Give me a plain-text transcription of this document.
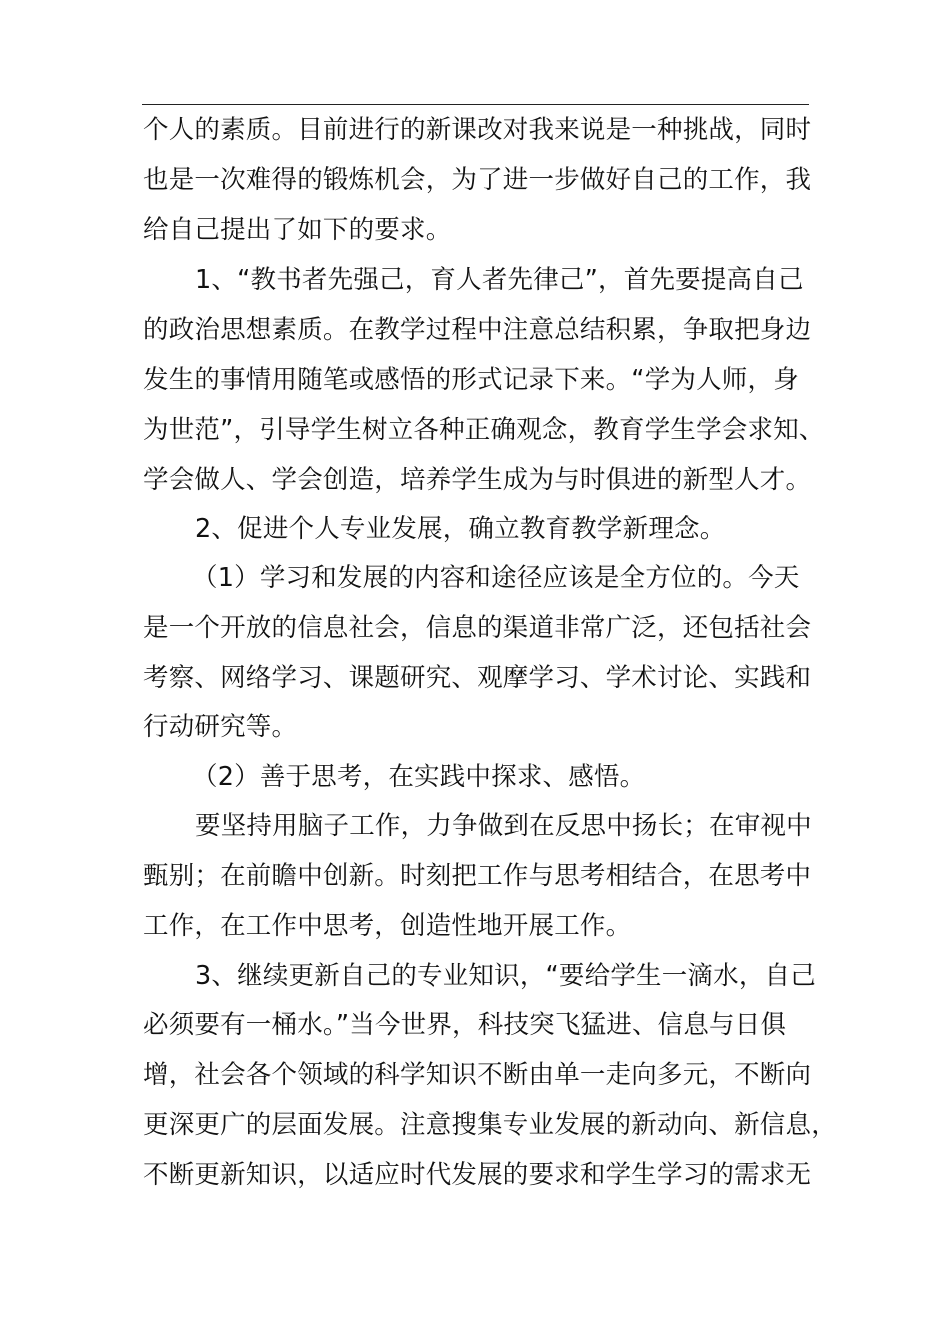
个人的素质。目前进行的新课改对我来说是一种挑战，同时
也是一次难得的锻炼机会，为了进一步做好自己的工作，我
给自己提出了如下的要求。
1、“教书者先强己，育人者先律己”，首先要提高自己
的政治思想素质。在教学过程中注意总结积累，争取把身边
发生的事情用随笔或感悟的形式记录下来。“学为人师，身
为世范”，引导学生树立各种正确观念，教育学生学会求知、
学会做人、学会创造，培养学生成为与时俱进的新型人才。
2、促进个人专业发展，确立教育教学新理念。
（1）学习和发展的内容和途径应该是全方位的。今天
是一个开放的信息社会，信息的渠道非常广泛，还包括社会
考察、网络学习、课题研究、观摩学习、学术讨论、实践和
行动研究等。
（2）善于思考，在实践中探求、感悟。
要坚持用脑子工作，力争做到在反思中扬长；在审视中
甄别；在前瞻中创新。时刻把工作与思考相结合，在思考中
工作，在工作中思考，创造性地开展工作。
3、继续更新自己的专业知识，“要给学生一滴水，自己
必须要有一桶水。”当今世界，科技突飞猛进、信息与日俱
增，社会各个领域的科学知识不断由单一走向多元，不断向
更深更广的层面发展。注意搜集专业发展的新动向、新信息，
不断更新知识，以适应时代发展的要求和学生学习的需求无
